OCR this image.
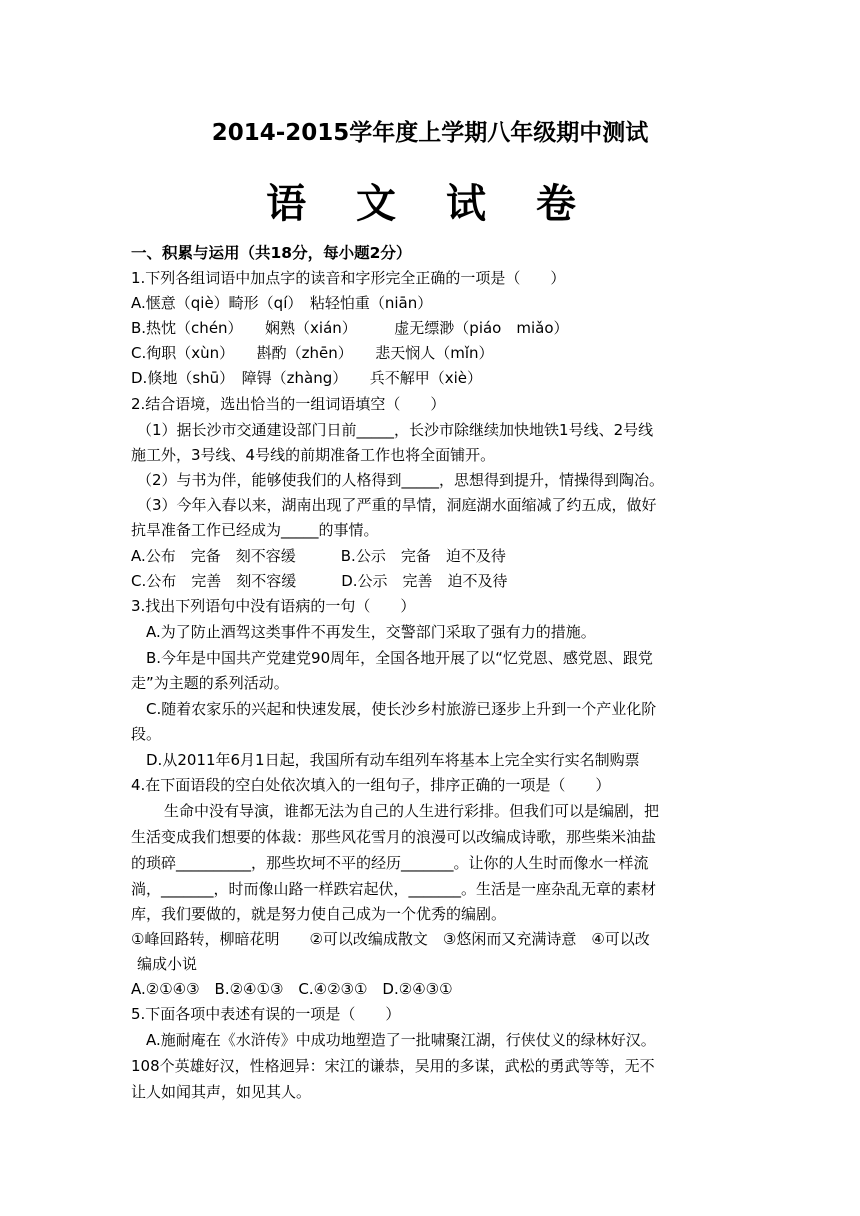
2014-2015学年度上学期八年级期中测试
语 文 试 卷
一、积累与运用（共18分，每小题2分）
1.下列各组词语中加点字的读音和字形完全正确的一项是（　　）
A.惬意（qiè）畸形（qí）　粘轻怕重（niān）
B.热忱（chén）　　娴熟（xián）　　　虚无缥渺（piáo　miǎo）
C.徇职（xùn）　　斟酌（zhēn）　　悲天悯人（mǐn）
D.倏地（shū）　障锝（zhàng）　　兵不解甲（xiè）
2.结合语境，选出恰当的一组词语填空（　　）
（1）据长沙市交通建设部门日前_____，长沙市除继续加快地铁1号线、2号线
施工外，3号线、4号线的前期准备工作也将全面铺开。
（2）与书为伴，能够使我们的人格得到_____，思想得到提升，情操得到陶冶。
（3）今年入春以来，湖南出现了严重的旱情，洞庭湖水面缩减了约五成，做好
抗旱准备工作已经成为_____的事情。
A.公布　完备　刻不容缓　　　B.公示　完备　迫不及待
C.公布　完善　刻不容缓　　　D.公示　完善　迫不及待
3.找出下列语句中没有语病的一句（　　）
A.为了防止酒驾这类事件不再发生，交警部门采取了强有力的措施。
B.今年是中国共产党建党90周年，全国各地开展了以“忆党恩、感党恩、跟党
走”为主题的系列活动。
C.随着农家乐的兴起和快速发展，使长沙乡村旅游已逐步上升到一个产业化阶
段。
D.从2011年6月1日起，我国所有动车组列车将基本上完全实行实名制购票
4.在下面语段的空白处依次填入的一组句子，排序正确的一项是（　　）
生命中没有导演，谁都无法为自己的人生进行彩排。但我们可以是编剧，把
生活变成我们想要的体裁：那些风花雪月的浪漫可以改编成诗歌，那些柴米油盐
的琐碎__________，那些坎坷不平的经历_______。让你的人生时而像水一样流
淌，_______，时而像山路一样跌宕起伏，_______。生活是一座杂乱无章的素材
库，我们要做的，就是努力使自己成为一个优秀的编剧。
①峰回路转，柳暗花明　　②可以改编成散文　③悠闲而又充满诗意　④可以改
编成小说
A.②①④③　B.②④①③　C.④②③①　D.②④③①
5.下面各项中表述有误的一项是（　　）
A.施耐庵在《水浒传》中成功地塑造了一批啸聚江湖，行侠仗义的绿林好汉。
108个英雄好汉，性格迥异：宋江的谦恭，吴用的多谋，武松的勇武等等，无不
让人如闻其声，如见其人。
